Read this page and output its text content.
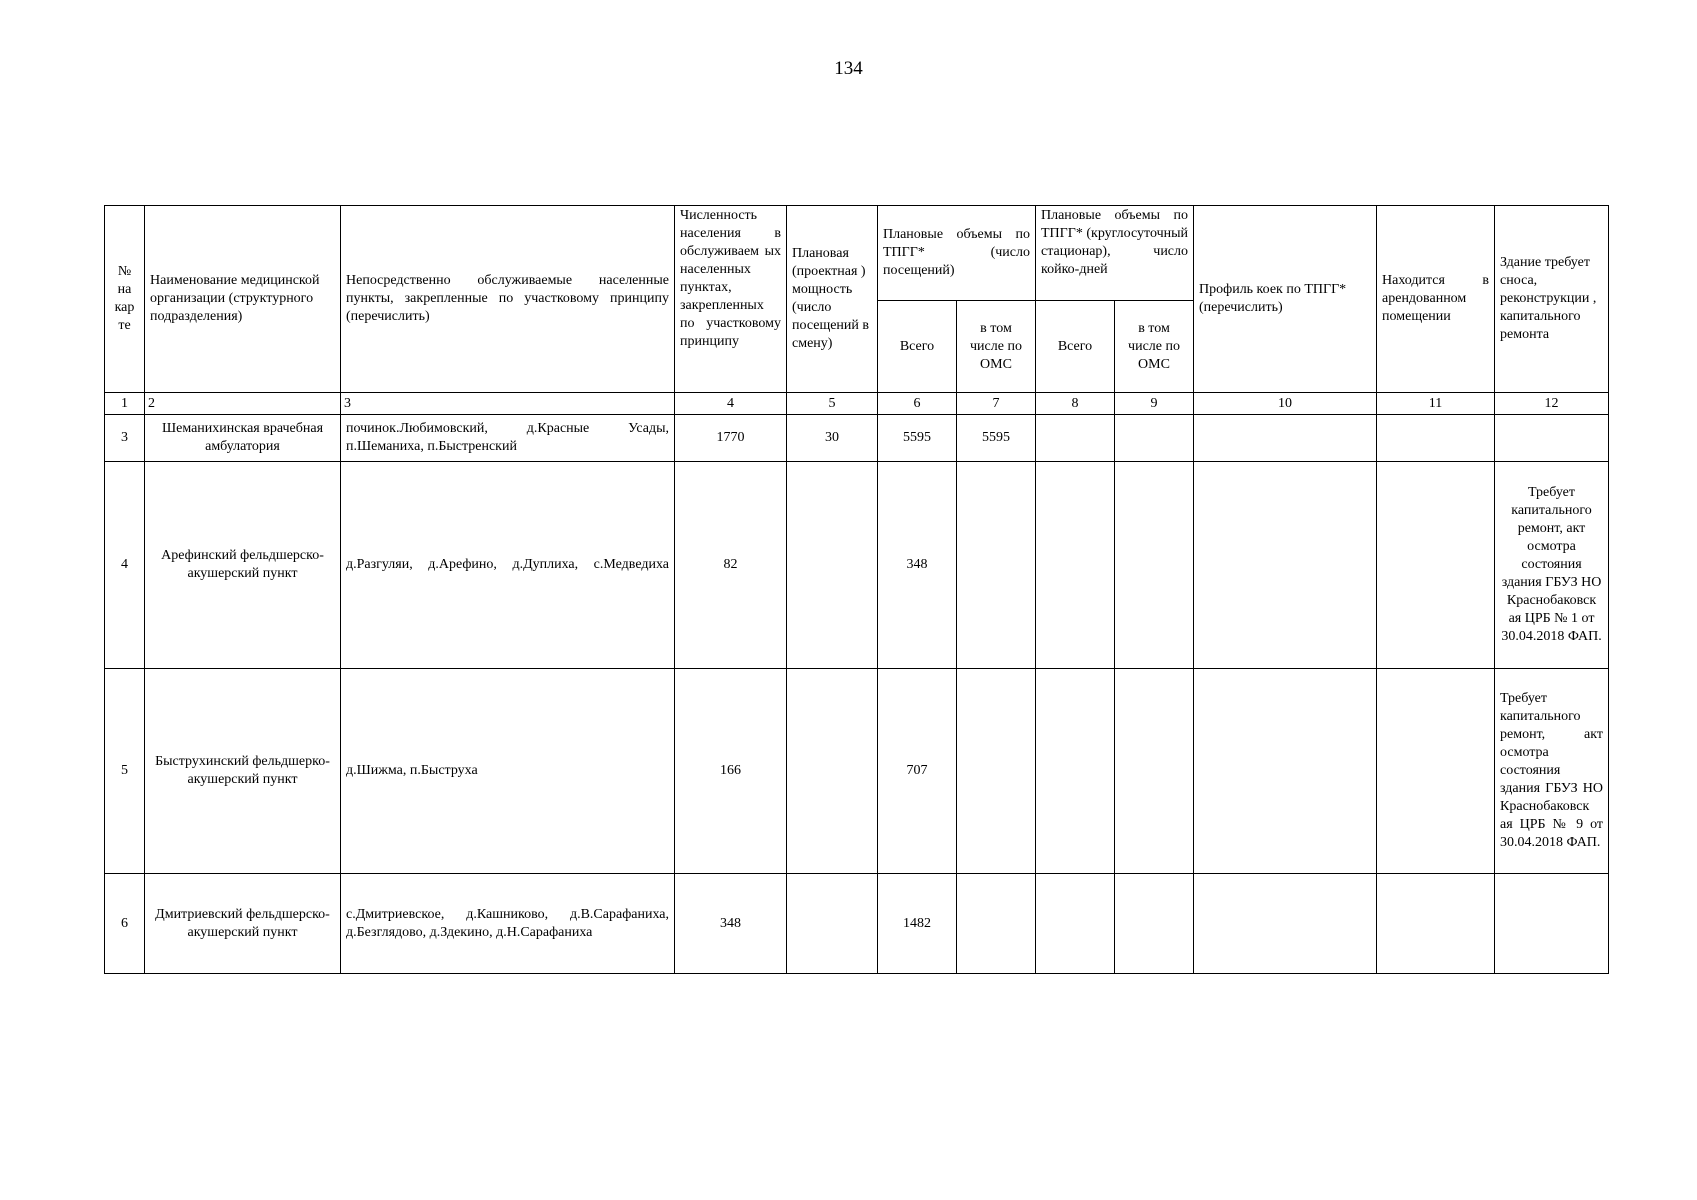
134
№ на кар те	Наименование медицинской организации (структурного подразделения)	Непосредственно обслуживаемые населенные пункты, закрепленные по участковому принципу (перечислить)	Численность населения в обслуживаем ых населенных пунктах, закрепленных по участковому принципу	Плановая (проектная ) мощность (число посещений в смену)	Плановые объемы по ТПГГ* (число посещений)		Плановые объемы по ТПГГ* (круглосуточный стационар), число койко-дней		Профиль коек по ТПГГ* (перечислить)	Находится в арендованном помещении	Здание требует сноса, реконструкции , капитального ремонта
					Всего	в том числе по ОМС	Всего	в том числе по ОМС			
1	2	3	4	5	6	7	8	9	10	11	12
3	Шеманихинская врачебная амбулатория	починок.Любимовский, д.Красные Усады, п.Шеманиха, п.Быстренский	1770	30	5595	5595					
4	Арефинский фельдшерско-акушерский пункт	д.Разгуляи, д.Арефино, д.Дуплиха, с.Медведиха	82		348						Требует капитального ремонт, акт осмотра состояния здания ГБУЗ НО Краснобаковск ая ЦРБ № 1 от 30.04.2018 ФАП.
5	Быструхинский фельдшерко-акушерский пункт	д.Шижма, п.Быструха	166		707						Требует капитального ремонт, акт осмотра состояния здания ГБУЗ НО Краснобаковск ая ЦРБ № 9 от 30.04.2018 ФАП.
6	Дмитриевский фельдшерско-акушерский пункт	с.Дмитриевское, д.Кашниково, д.В.Сарафаниха, д.Безглядово, д.Здекино, д.Н.Сарафаниха	348		1482						
